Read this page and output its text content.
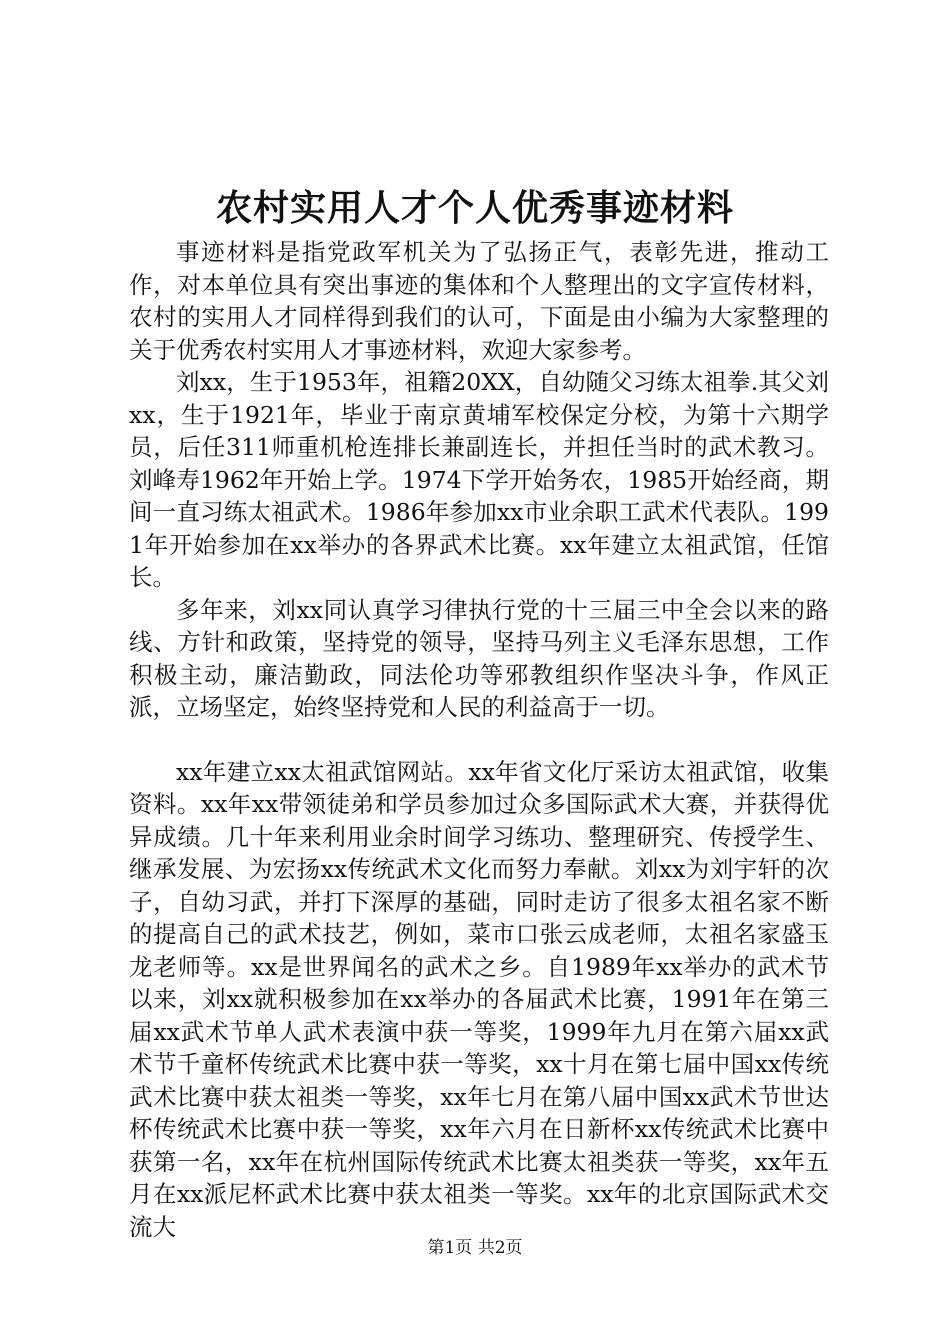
农村实用人才个人优秀事迹材料

事迹材料是指党政军机关为了弘扬正气，表彰先进，推动工作，对本单位具有突出事迹的集体和个人整理出的文字宣传材料，农村的实用人才同样得到我们的认可，下面是由小编为大家整理的关于优秀农村实用人才事迹材料，欢迎大家参考。

刘xx，生于1953年，祖籍20XX，自幼随父习练太祖拳.其父刘xx，生于1921年，毕业于南京黄埔军校保定分校，为第十六期学员，后任311师重机枪连排长兼副连长，并担任当时的武术教习。刘峰寿1962年开始上学。1974下学开始务农，1985开始经商，期间一直习练太祖武术。1986年参加xx市业余职工武术代表队。1991年开始参加在xx举办的各界武术比赛。xx年建立太祖武馆，任馆长。

多年来，刘xx同认真学习律执行党的十三届三中全会以来的路线、方针和政策，坚持党的领导，坚持马列主义毛泽东思想，工作积极主动，廉洁勤政，同法伦功等邪教组织作坚决斗争，作风正派，立场坚定，始终坚持党和人民的利益高于一切。

xx年建立xx太祖武馆网站。xx年省文化厅采访太祖武馆，收集资料。xx年xx带领徒弟和学员参加过众多国际武术大赛，并获得优异成绩。几十年来利用业余时间学习练功、整理研究、传授学生、继承发展、为宏扬xx传统武术文化而努力奉献。刘xx为刘宇轩的次子，自幼习武，并打下深厚的基础，同时走访了很多太祖名家不断的提高自己的武术技艺，例如，菜市口张云成老师，太祖名家盛玉龙老师等。xx是世界闻名的武术之乡。自1989年xx举办的武术节以来，刘xx就积极参加在xx举办的各届武术比赛，1991年在第三届xx武术节单人武术表演中获一等奖，1999年九月在第六届xx武术节千童杯传统武术比赛中获一等奖，xx十月在第七届中国xx传统武术比赛中获太祖类一等奖，xx年七月在第八届中国xx武术节世达杯传统武术比赛中获一等奖，xx年六月在日新杯xx传统武术比赛中获第一名，xx年在杭州国际传统武术比赛太祖类获一等奖，xx年五月在xx派尼杯武术比赛中获太祖类一等奖。xx年的北京国际武术交流大

第1页 共2页
